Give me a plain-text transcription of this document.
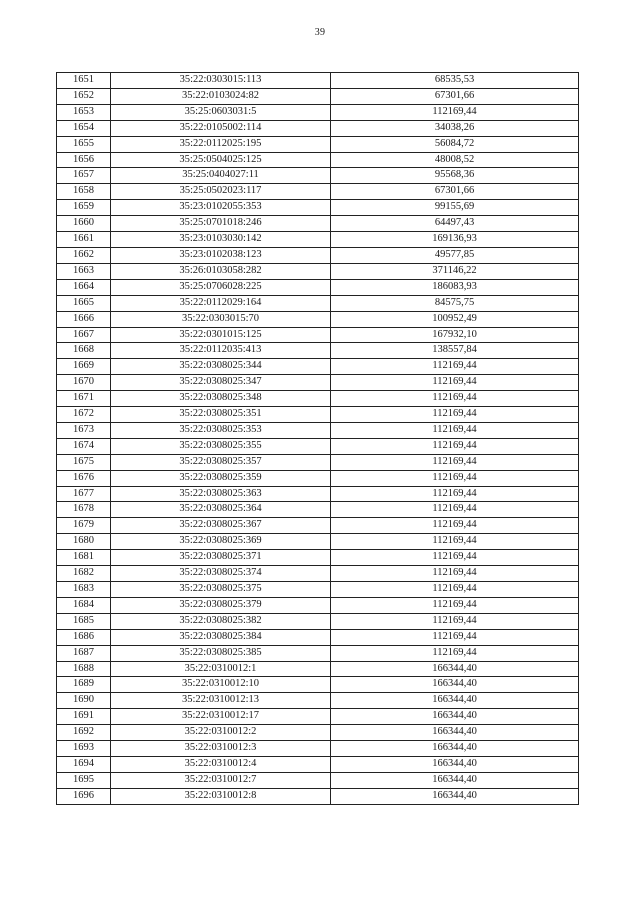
39
1651	35:22:0303015:113	68535,53
1652	35:22:0103024:82	67301,66
1653	35:25:0603031:5	112169,44
1654	35:22:0105002:114	34038,26
1655	35:22:0112025:195	56084,72
1656	35:25:0504025:125	48008,52
1657	35:25:0404027:11	95568,36
1658	35:25:0502023:117	67301,66
1659	35:23:0102055:353	99155,69
1660	35:25:0701018:246	64497,43
1661	35:23:0103030:142	169136,93
1662	35:23:0102038:123	49577,85
1663	35:26:0103058:282	371146,22
1664	35:25:0706028:225	186083,93
1665	35:22:0112029:164	84575,75
1666	35:22:0303015:70	100952,49
1667	35:22:0301015:125	167932,10
1668	35:22:0112035:413	138557,84
1669	35:22:0308025:344	112169,44
1670	35:22:0308025:347	112169,44
1671	35:22:0308025:348	112169,44
1672	35:22:0308025:351	112169,44
1673	35:22:0308025:353	112169,44
1674	35:22:0308025:355	112169,44
1675	35:22:0308025:357	112169,44
1676	35:22:0308025:359	112169,44
1677	35:22:0308025:363	112169,44
1678	35:22:0308025:364	112169,44
1679	35:22:0308025:367	112169,44
1680	35:22:0308025:369	112169,44
1681	35:22:0308025:371	112169,44
1682	35:22:0308025:374	112169,44
1683	35:22:0308025:375	112169,44
1684	35:22:0308025:379	112169,44
1685	35:22:0308025:382	112169,44
1686	35:22:0308025:384	112169,44
1687	35:22:0308025:385	112169,44
1688	35:22:0310012:1	166344,40
1689	35:22:0310012:10	166344,40
1690	35:22:0310012:13	166344,40
1691	35:22:0310012:17	166344,40
1692	35:22:0310012:2	166344,40
1693	35:22:0310012:3	166344,40
1694	35:22:0310012:4	166344,40
1695	35:22:0310012:7	166344,40
1696	35:22:0310012:8	166344,40
